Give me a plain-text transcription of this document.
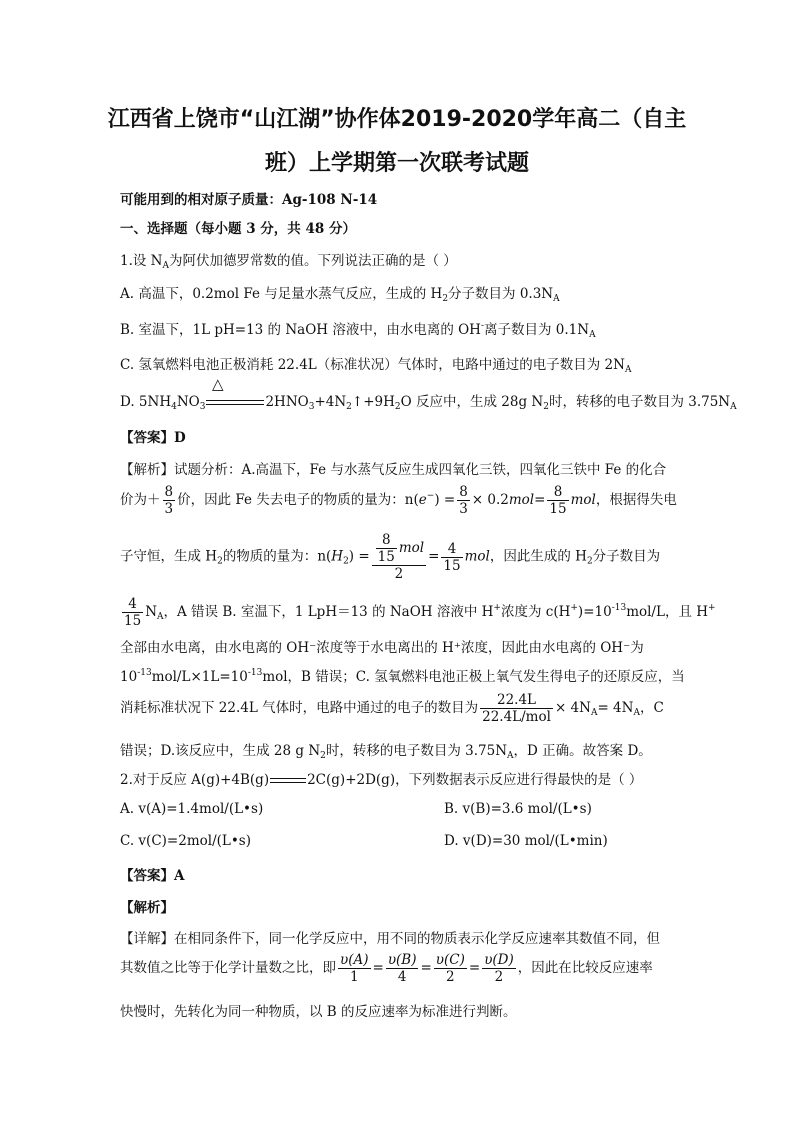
江西省上饶市“山江湖”协作体2019-2020学年高二（自主
班）上学期第一次联考试题
可能用到的相对原子质量：Ag-108 N-14
一、选择题（每小题 3 分，共 48 分）
1.设 $N_A$为阿伏加德罗常数的值。下列说法正确的是（ ）
A. 高温下，0.2mol Fe 与足量水蒸气反应，生成的 $H_2$分子数目为 $0.3N_A$
B. 室温下，1L pH=13 的 NaOH 溶液中，由水电离的 OH-离子数目为 $0.1N_A$
C. 氢氧燃料电池正极消耗 22.4L（标准状况）气体时，电路中通过的电子数目为 $2N_A$
△
D. $5NH_4NO_3$	$2HNO_3+4N_2↑+9H_2O$ 反应中，生成 28g $N_2$时，转移的电子数目为 $3.75N_A$
【答案】D
【解析】试题分析：A.高温下，Fe 与水蒸气反应生成四氧化三铁，四氧化三铁中 Fe 的化合
价为＋ $\frac{8}{3}$ 价，因此 Fe 失去电子的物质的量为：$n(e^-) = \frac{8}{3} \times 0.2mol= \frac{8}{15}$ mol，根据得失电
子守恒，生成 $H_2$的物质的量为：$n(H_2) = \frac{\frac{8}{15} mol}{2} = \frac{4}{15}$ mol，因此生成的 $H_2$分子数目为
$\frac{4}{15} N_A$，A 错误 B. 室温下，1 LpH＝13 的 NaOH 溶液中 H+浓度为 $c(H^+)=10^{-13}mol/L$，且 H+
全部由水电离，由水电离的 OH⁻浓度等于水电离出的 H⁺浓度，因此由水电离的 OH⁻为
$10^{-13}mol/L\times 1L=10^{-13}mol$，B 错误；C. 氢氧燃料电池正极上氧气发生得电子的还原反应，当
消耗标准状况下 22.4L 气体时，电路中通过的电子的数目为 $\frac{22.4L}{\text{22.4L/mol}} \times 4N_A= 4N_A$，C
错误；D.该反应中，生成 28 g $N_2$时，转移的电子数目为 $3.75N_A$，D 正确。故答案 D。
2.对于反应 A(g)+4B(g)	2C(g)+2D(g)，下列数据表示反应进行得最快的是（ ）
A. v(A)=1.4mol/(L•s)	B. v(B)=3.6 mol/(L•s)
C. v(C)=2mol/(L•s)	D. v(D)=30 mol/(L•min)
【答案】A
【解析】
【详解】在相同条件下，同一化学反应中，用不同的物质表示化学反应速率其数值不同，但
其数值之比等于化学计量数之比，即 $\frac{\upsilon(A)}{1} = \frac{\upsilon(B)}{4} = \frac{\upsilon(C)}{2} = \frac{\upsilon(D)}{2}$ ，因此在比较反应速率
快慢时，先转化为同一种物质，以 B 的反应速率为标准进行判断。
